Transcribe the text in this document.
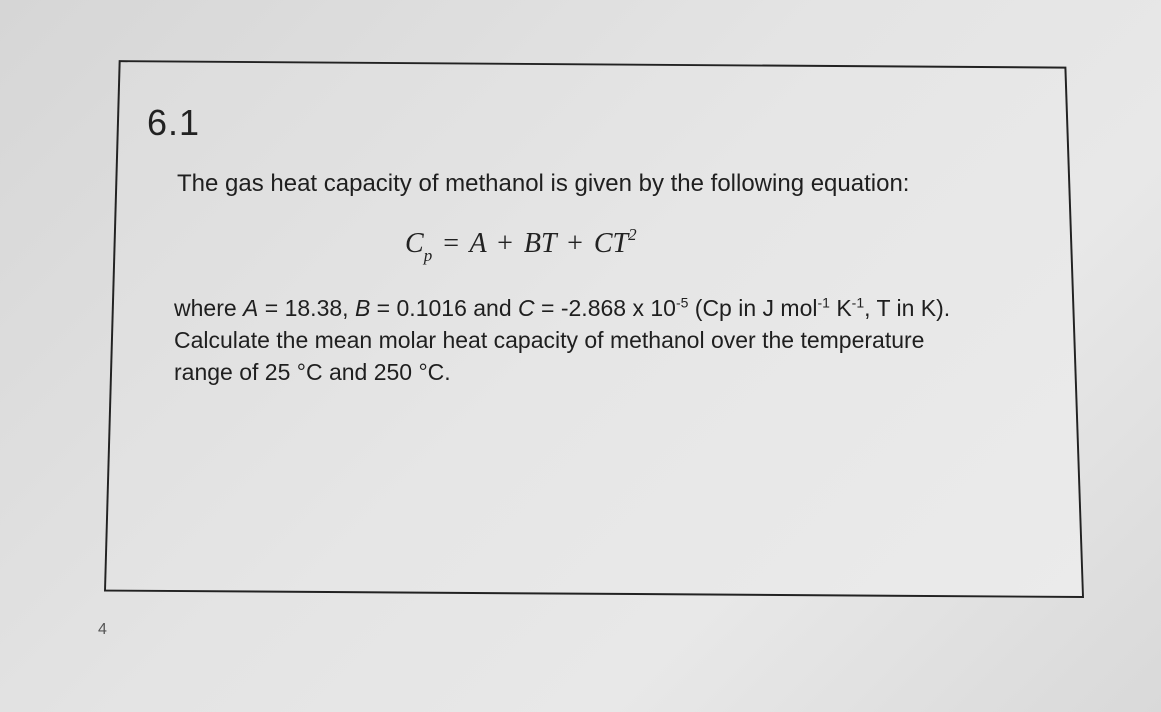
6.1
The gas heat capacity of methanol is given by the following equation:
$C_p = A$ + BT + $CT^2$
where A = 18.38, B = 0.1016 and C = -2.868 x $10^{-5}$ (Cp in J mol$^{-1}$ $K^{-1}$, T in K).
Calculate the mean molar heat capacity of methanol over the temperature
range of 25 °C and 250 °C.
4
